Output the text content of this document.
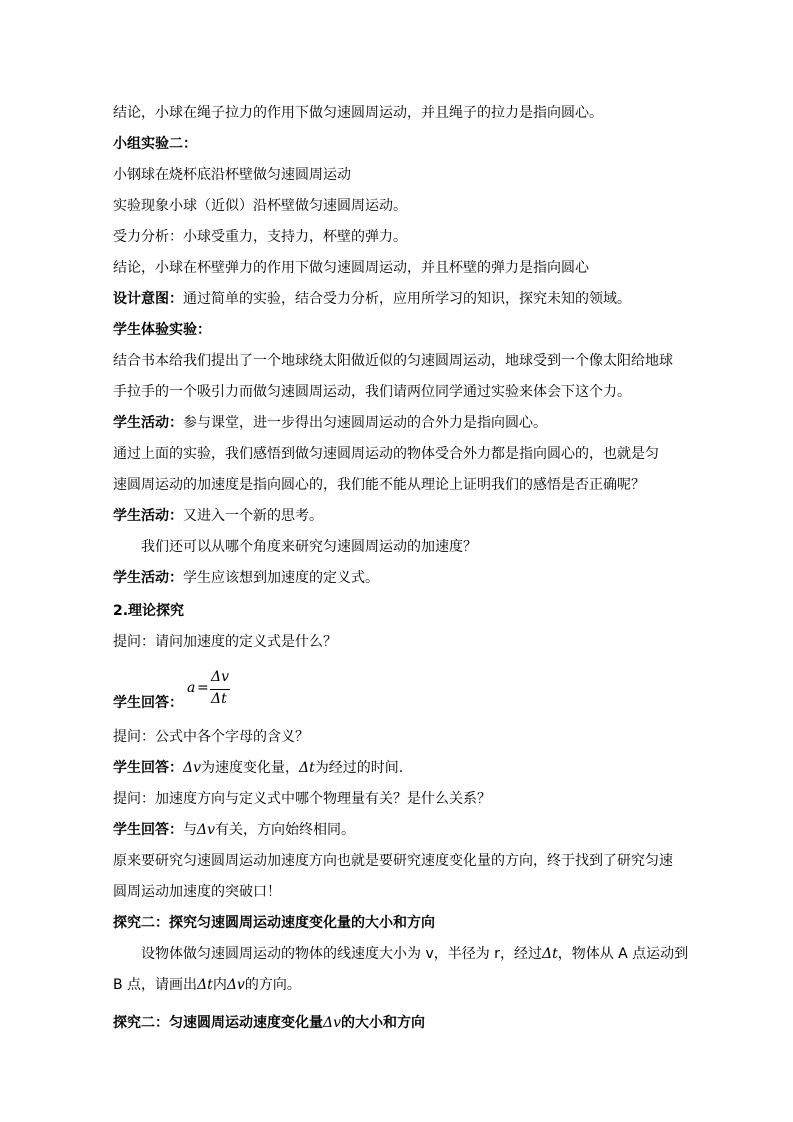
结论，小球在绳子拉力的作用下做匀速圆周运动，并且绳子的拉力是指向圆心。
小组实验二：
小钢球在烧杯底沿杯壁做匀速圆周运动
实验现象小球（近似）沿杯壁做匀速圆周运动。
受力分析：小球受重力，支持力，杯壁的弹力。
结论，小球在杯壁弹力的作用下做匀速圆周运动，并且杯壁的弹力是指向圆心
设计意图：通过简单的实验，结合受力分析，应用所学习的知识，探究未知的领域。
学生体验实验：
结合书本给我们提出了一个地球绕太阳做近似的匀速圆周运动，地球受到一个像太阳给地球
手拉手的一个吸引力而做匀速圆周运动，我们请两位同学通过实验来体会下这个力。
学生活动：参与课堂，进一步得出匀速圆周运动的合外力是指向圆心。
通过上面的实验，我们感悟到做匀速圆周运动的物体受合外力都是指向圆心的，也就是匀
速圆周运动的加速度是指向圆心的，我们能不能从理论上证明我们的感悟是否正确呢？
学生活动：又进入一个新的思考。
我们还可以从哪个角度来研究匀速圆周运动的加速度？
学生活动：学生应该想到加速度的定义式。
2.理论探究
提问：请问加速度的定义式是什么？
a =
Δv
Δt
学生回答：
提问：公式中各个字母的含义？
学生回答：Δv为速度变化量，Δt为经过的时间.
提问：加速度方向与定义式中哪个物理量有关？是什么关系？
学生回答：与Δv有关，方向始终相同。
原来要研究匀速圆周运动加速度方向也就是要研究速度变化量的方向，终于找到了研究匀速
圆周运动加速度的突破口！
探究二：探究匀速圆周运动速度变化量的大小和方向
设物体做匀速圆周运动的物体的线速度大小为 v，半径为 r，经过Δt，物体从 A 点运动到
B 点，请画出Δt内Δv的方向。
探究二：匀速圆周运动速度变化量Δv的大小和方向
